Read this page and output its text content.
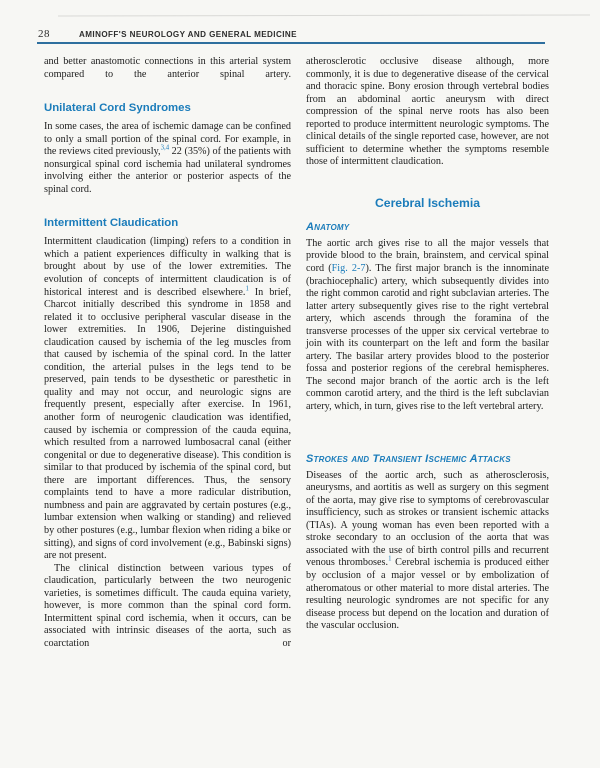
28	AMINOFF'S NEUROLOGY AND GENERAL MEDICINE

and better anastomotic connections in this arterial system compared to the anterior spinal artery.

Unilateral Cord Syndromes

In some cases, the area of ischemic damage can be confined to only a small portion of the spinal cord. For example, in the reviews cited previously,$^{3,4}$ 22 (35%) of the patients with nonsurgical spinal cord ischemia had unilateral syndromes involving either the anterior or posterior aspects of the spinal cord.

Intermittent Claudication

Intermittent claudication (limping) refers to a condition in which a patient experiences difficulty in walking that is brought about by use of the lower extremities. The evolution of concepts of intermittent claudication is of historical interest and is described elsewhere.$^1$ In brief, Charcot initially described this syndrome in 1858 and related it to occlusive peripheral vascular disease in the lower extremities. In 1906, Dejerine distinguished claudication caused by ischemia of the leg muscles from that caused by ischemia of the spinal cord. In the latter condition, the arterial pulses in the legs tend to be preserved, pain tends to be dysesthetic or paresthetic in quality and may not occur, and neurologic signs are frequently present, especially after exercise. In 1961, another form of neurogenic claudication was identified, caused by ischemia or compression of the cauda equina, which resulted from a narrowed lumbosacral canal (either congenital or due to degenerative disease). This condition is similar to that produced by ischemia of the spinal cord, but there are important differences. Thus, the sensory complaints tend to have a more radicular distribution, numbness and pain are aggravated by certain postures (e.g., lumbar extension when walking or standing) and relieved by other postures (e.g., lumbar flexion when riding a bike or sitting), and signs of cord involvement (e.g., Babinski signs) are not present.

The clinical distinction between various types of claudication, particularly between the two neurogenic varieties, is sometimes difficult. The cauda equina variety, however, is more common than the spinal cord form. Intermittent spinal cord ischemia, when it occurs, can be associated with intrinsic diseases of the aorta, such as coarctation or

atherosclerotic occlusive disease although, more commonly, it is due to degenerative disease of the cervical and thoracic spine. Bony erosion through vertebral bodies from an abdominal aortic aneurysm with direct compression of the spinal nerve roots has also been reported to produce intermittent neurologic symptoms. The clinical details of the single reported case, however, are not sufficient to determine whether the symptoms resemble those of intermittent claudication.

Cerebral Ischemia
Anatomy

The aortic arch gives rise to all the major vessels that provide blood to the brain, brainstem, and cervical spinal cord (Fig. 2-7). The first major branch is the innominate (brachiocephalic) artery, which subsequently divides into the right common carotid and right subclavian arteries. The latter artery subsequently gives rise to the right vertebral artery, which ascends through the foramina of the transverse processes of the upper six cervical vertebrae to join with its counterpart on the left and form the basilar artery. The basilar artery provides blood to the posterior fossa and posterior regions of the cerebral hemispheres. The second major branch of the aortic arch is the left common carotid artery, and the third is the left subclavian artery, which, in turn, gives rise to the left vertebral artery.

Strokes and Transient Ischemic Attacks

Diseases of the aortic arch, such as atherosclerosis, aneurysms, and aortitis as well as surgery on this segment of the aorta, may give rise to symptoms of cerebrovascular insufficiency, such as strokes or transient ischemic attacks (TIAs). A young woman has even been reported with a stroke secondary to an occlusion of the aorta that was associated with the use of birth control pills and recurrent venous thromboses.$^1$ Cerebral ischemia is produced either by occlusion of a major vessel or by embolization of atheromatous or other material to more distal arteries. The resulting neurologic syndromes are not specific for any disease process but depend on the location and duration of the vascular occlusion.
